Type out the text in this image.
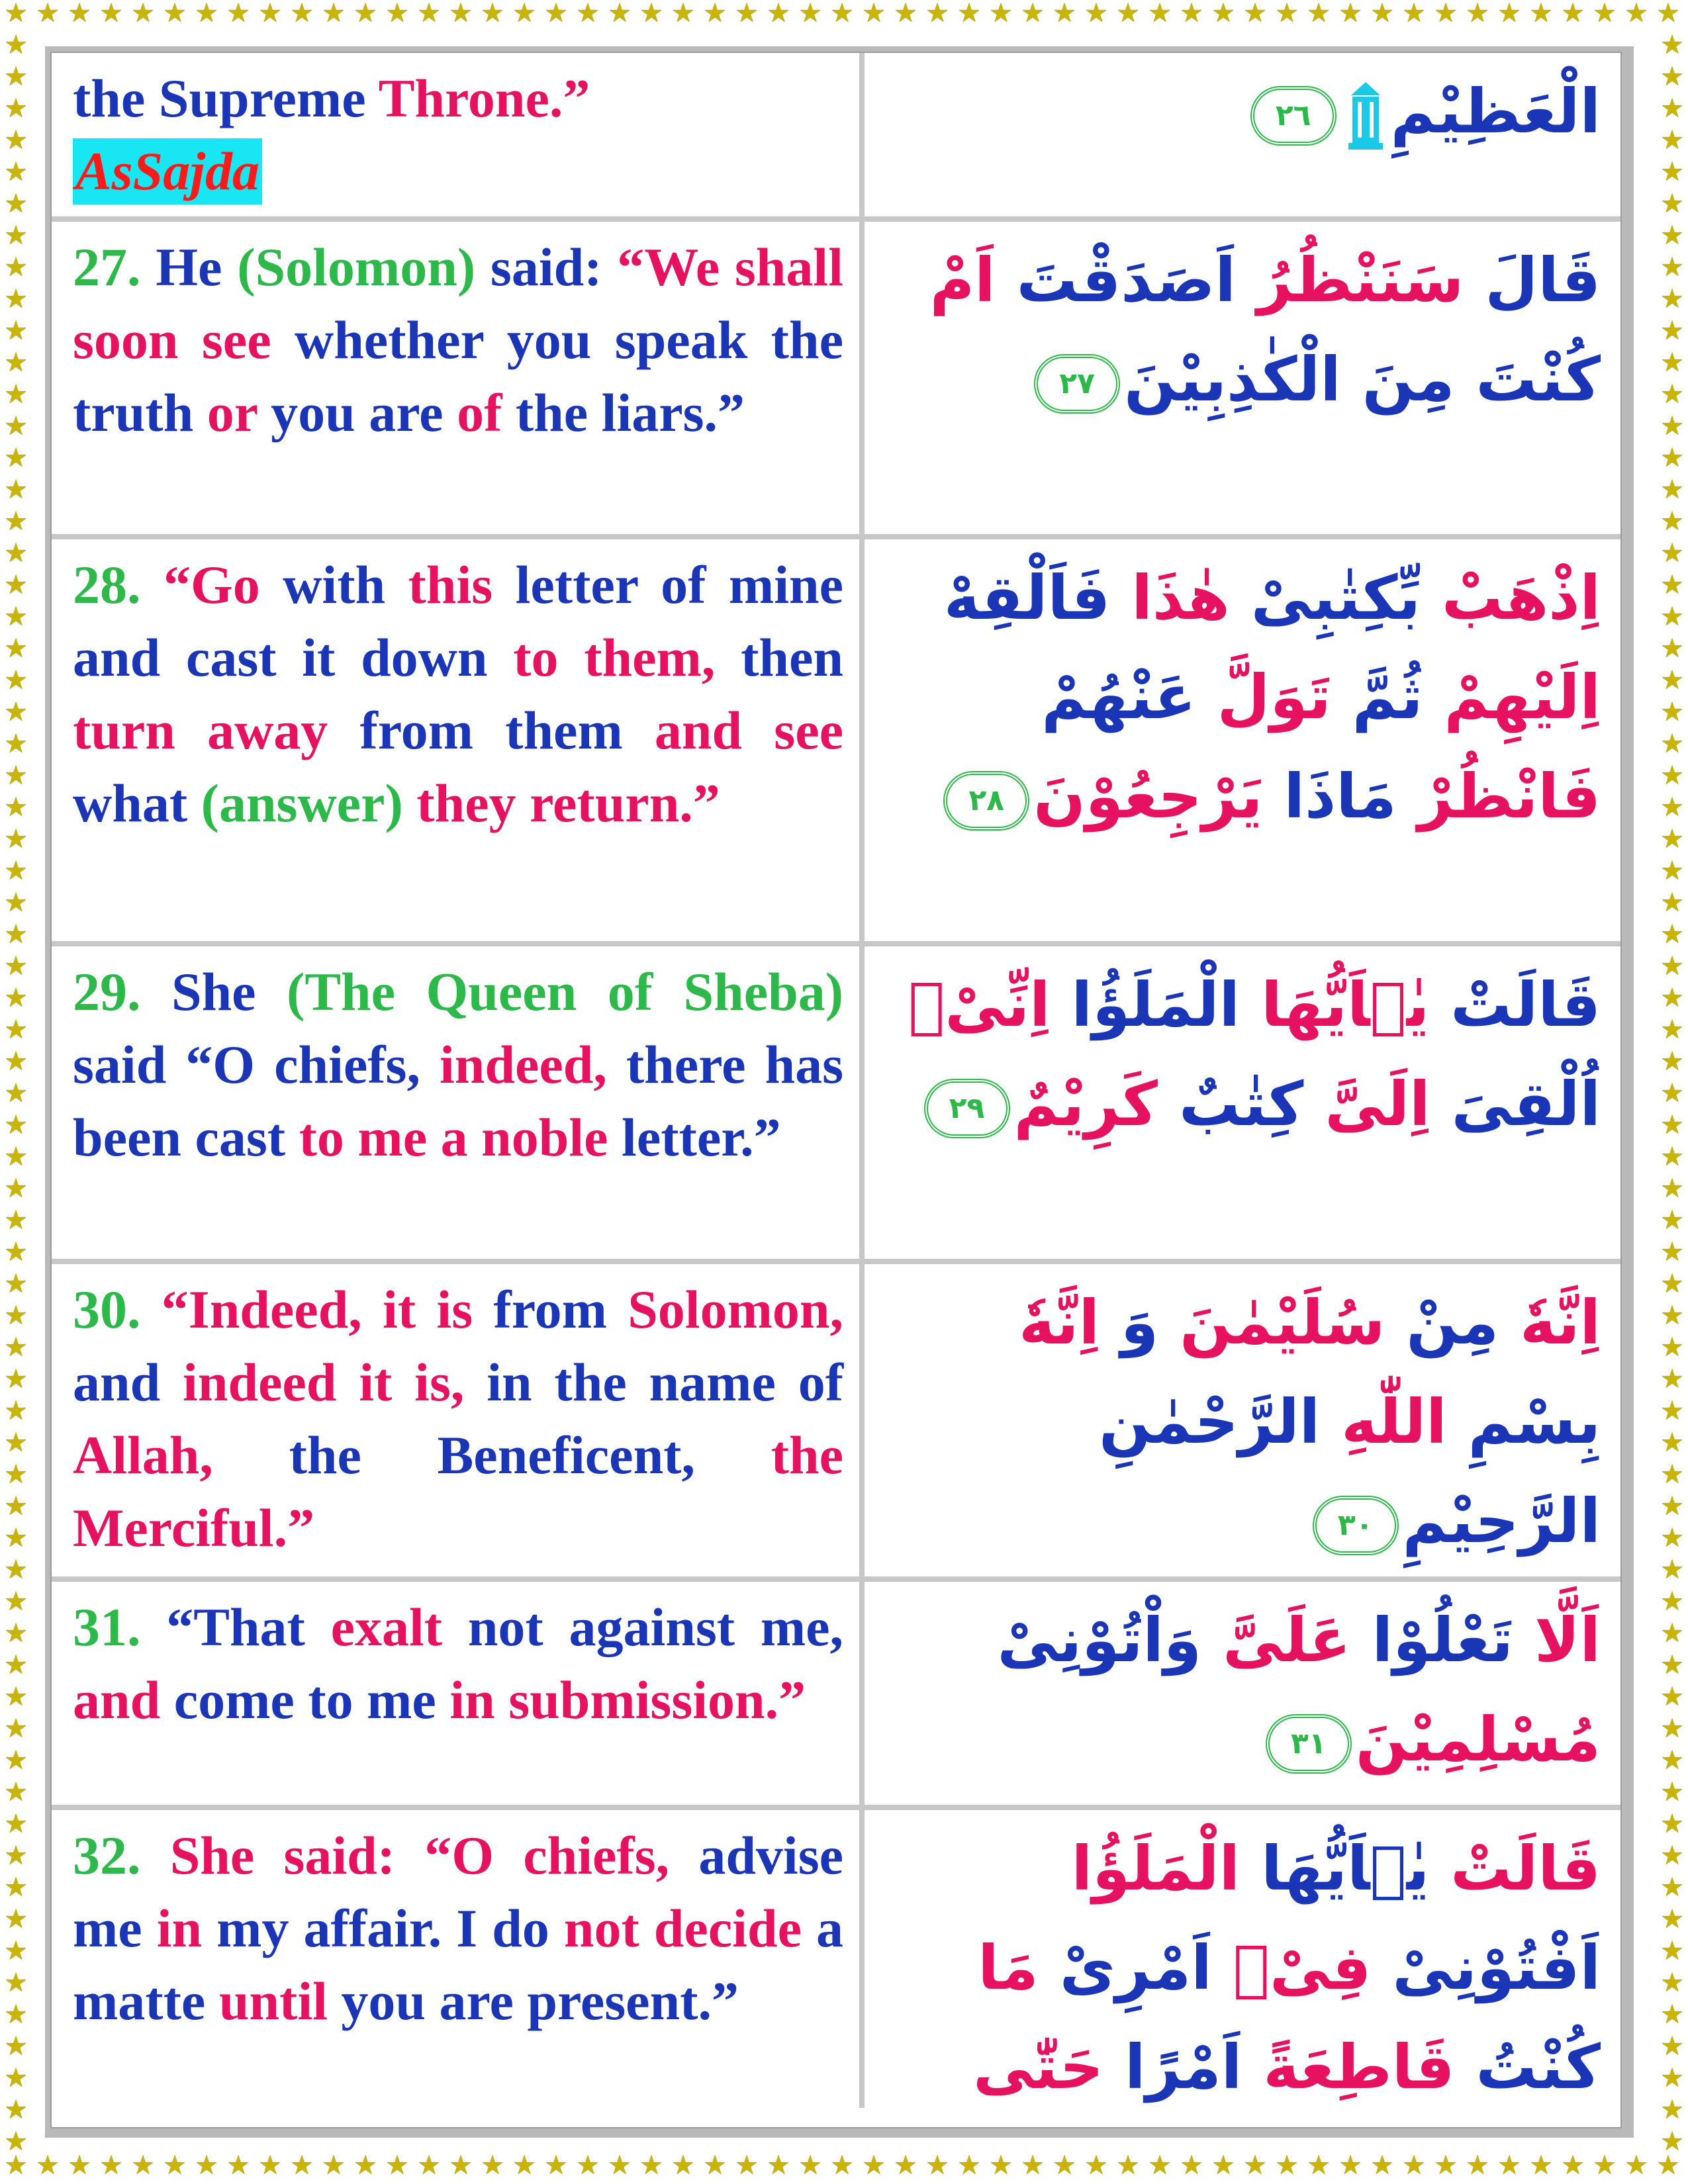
★ ★ ★ ★ ★ ★ ★ ★ ★ ★ ★ ★ ★ ★ ★ ★ ★ ★ ★ ★ ★ ★ ★ ★ ★ ★ ★ ★ ★ ★ ★ ★ ★ ★ ★ ★ ★ ★ ★ ★ ★ ★ ★ ★ ★ ★ ★ ★ ★ ★ ★ ★ ★
★ ★ ★ ★ ★ ★ ★ ★ ★ ★ ★ ★ ★ ★ ★ ★ ★ ★ ★ ★ ★ ★ ★ ★ ★ ★ ★ ★ ★ ★ ★ ★ ★ ★ ★ ★ ★ ★ ★ ★ ★ ★ ★ ★ ★ ★ ★ ★ ★ ★ ★ ★ ★
★
★
★
★
★
★
★
★
★
★
★
★
★
★
★
★
★
★
★
★
★
★
★
★
★
★
★
★
★
★
★
★
★
★
★
★
★
★
★
★
★
★
★
★
★
★
★
★
★
★
★
★
★
★
★
★
★
★
★
★
★
★
★
★
★
★
★
★
★
★
★
★
★
★
★
★
★
★
★
★
★
★
★
★
★
★
★
★
★
★
★
★
★
★
★
★
★
★
★
★
★
★
★
★
★
★
★
★
★
★
★
★
★
★
★
★
★
★
★
★
★
★
★
★
★
★
★
★
★
★
★
★
★
★
the Supreme Throne.”
AsSajda
الْعَظِيْمِ٢٦
27. He (Solomon) said: “We shall soon see whether you speak the truth or you are of the liars.”
قَالَ سَنَنْظُرُ اَصَدَقْتَ اَمْ كُنْتَ مِنَ الْكٰذِبِيْنَ٢٧
28. “Go with this letter of mine and cast it down to them, then turn away from them and see what (answer) they return.”
اِذْهَبْ بِّكِتٰبِىْ هٰذَا فَاَلْقِهْ اِلَيْهِمْ ثُمَّ تَوَلَّ عَنْهُمْ فَانْظُرْ مَاذَا يَرْجِعُوْنَ٢٨
29. She (The Queen of Sheba) said “O chiefs, indeed, there has been cast to me a noble letter.”
قَالَتْ يٰۤاَيُّهَا الْمَلَؤُا اِنِّىْۤ اُلْقِىَ اِلَىَّ كِتٰبٌ كَرِيْمٌ٢٩
30. “Indeed, it is from Solomon, and indeed it is, in the name of Allah, the Beneficent, the Merciful.”
اِنَّهٗ مِنْ سُلَيْمٰنَ وَ اِنَّهٗ بِسْمِ اللّٰهِ الرَّحْمٰنِ الرَّحِيْمِ٣٠
31. “That exalt not against me, and come to me in submission.”
اَلَّا تَعْلُوْا عَلَىَّ وَاْتُوْنِىْ مُسْلِمِيْنَ٣١
32. She said: “O chiefs, advise me in my affair. I do not decide a matte until you are present.”
قَالَتْ يٰۤاَيُّهَا الْمَلَؤُا اَفْتُوْنِىْ فِىْۤ اَمْرِىْ مَا كُنْتُ قَاطِعَةً اَمْرًا حَتّٰى
